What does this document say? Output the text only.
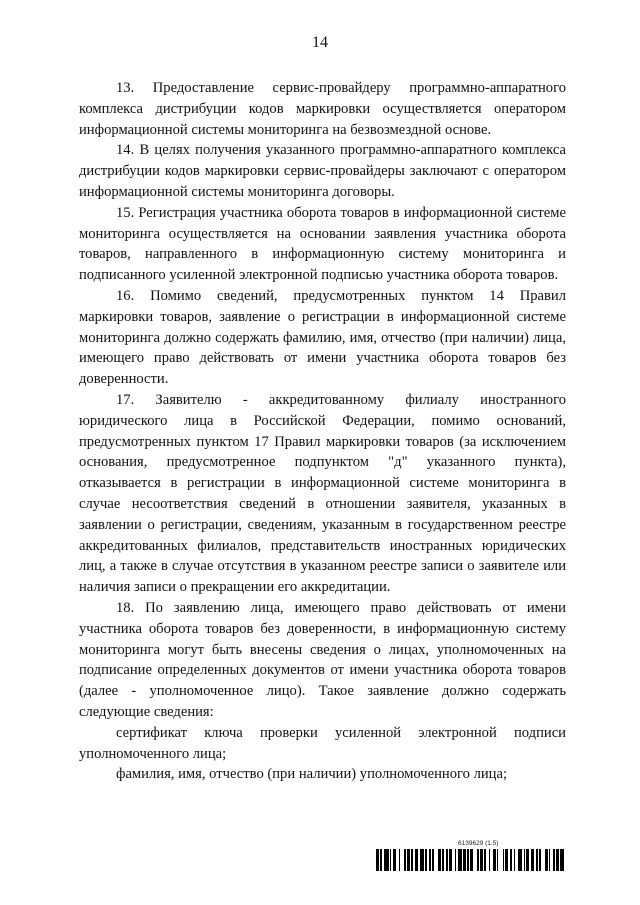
14

13. Предоставление сервис-провайдеру программно-аппаратного комплекса дистрибуции кодов маркировки осуществляется оператором информационной системы мониторинга на безвозмездной основе.

14. В целях получения указанного программно-аппаратного комплекса дистрибуции кодов маркировки сервис-провайдеры заключают с оператором информационной системы мониторинга договоры.

15. Регистрация участника оборота товаров в информационной системе мониторинга осуществляется на основании заявления участника оборота товаров, направленного в информационную систему мониторинга и подписанного усиленной электронной подписью участника оборота товаров.

16. Помимо сведений, предусмотренных пунктом 14 Правил маркировки товаров, заявление о регистрации в информационной системе мониторинга должно содержать фамилию, имя, отчество (при наличии) лица, имеющего право действовать от имени участника оборота товаров без доверенности.

17. Заявителю - аккредитованному филиалу иностранного юридического лица в Российской Федерации, помимо оснований, предусмотренных пунктом 17 Правил маркировки товаров (за исключением основания, предусмотренное подпунктом "д" указанного пункта), отказывается в регистрации в информационной системе мониторинга в случае несоответствия сведений в отношении заявителя, указанных в заявлении о регистрации, сведениям, указанным в государственном реестре аккредитованных филиалов, представительств иностранных юридических лиц, а также в случае отсутствия в указанном реестре записи о заявителе или наличия записи о прекращении его аккредитации.

18. По заявлению лица, имеющего право действовать от имени участника оборота товаров без доверенности, в информационную систему мониторинга могут быть внесены сведения о лицах, уполномоченных на подписание определенных документов от имени участника оборота товаров (далее - уполномоченное лицо). Такое заявление должно содержать следующие сведения:

сертификат ключа проверки усиленной электронной подписи уполномоченного лица;

фамилия, имя, отчество (при наличии) уполномоченного лица;

6139629 (1.5)
